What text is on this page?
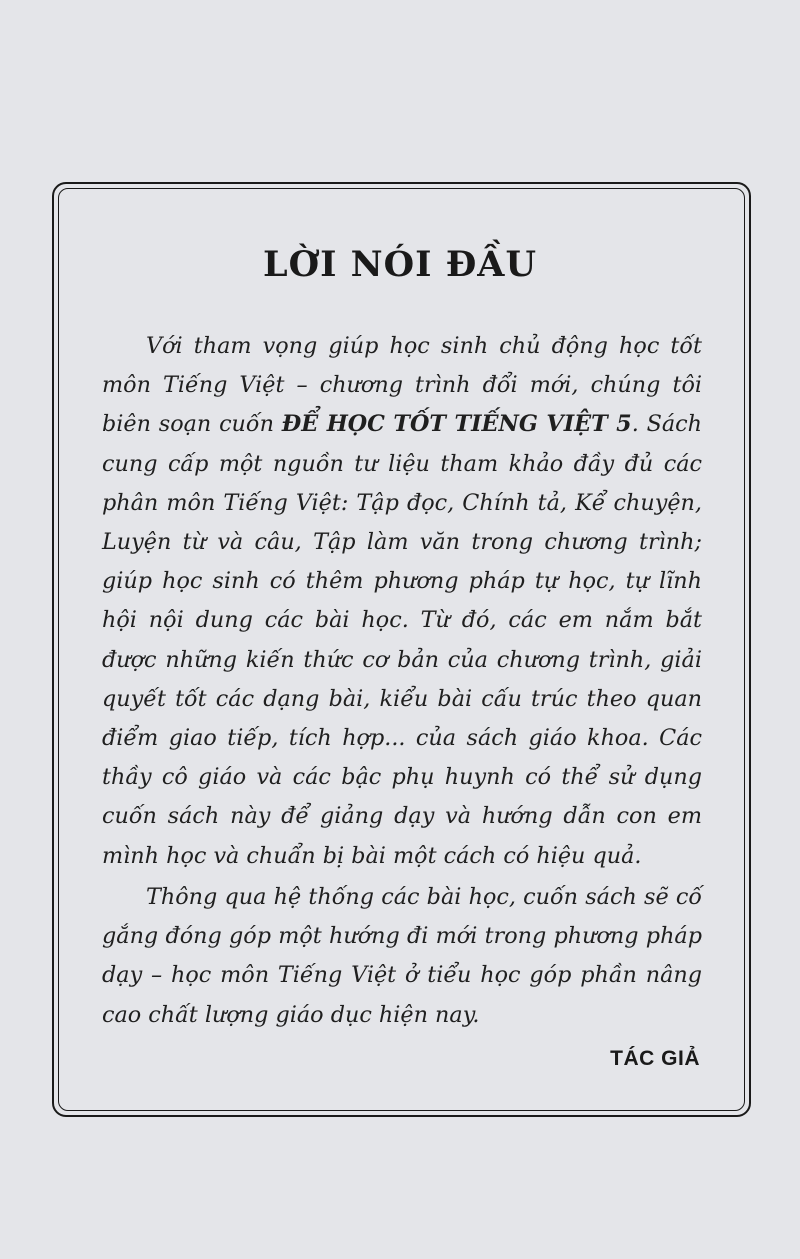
LỜI NÓI ĐẦU

Với tham vọng giúp học sinh chủ động học tốt môn Tiếng Việt – chương trình đổi mới, chúng tôi biên soạn cuốn ĐỂ HỌC TỐT TIẾNG VIỆT 5. Sách cung cấp một nguồn tư liệu tham khảo đầy đủ các phân môn Tiếng Việt: Tập đọc, Chính tả, Kể chuyện, Luyện từ và câu, Tập làm văn trong chương trình; giúp học sinh có thêm phương pháp tự học, tự lĩnh hội nội dung các bài học. Từ đó, các em nắm bắt được những kiến thức cơ bản của chương trình, giải quyết tốt các dạng bài, kiểu bài cấu trúc theo quan điểm giao tiếp, tích hợp... của sách giáo khoa. Các thầy cô giáo và các bậc phụ huynh có thể sử dụng cuốn sách này để giảng dạy và hướng dẫn con em mình học và chuẩn bị bài một cách có hiệu quả.

Thông qua hệ thống các bài học, cuốn sách sẽ cố gắng đóng góp một hướng đi mới trong phương pháp dạy – học môn Tiếng Việt ở tiểu học góp phần nâng cao chất lượng giáo dục hiện nay.

TÁC GIẢ
